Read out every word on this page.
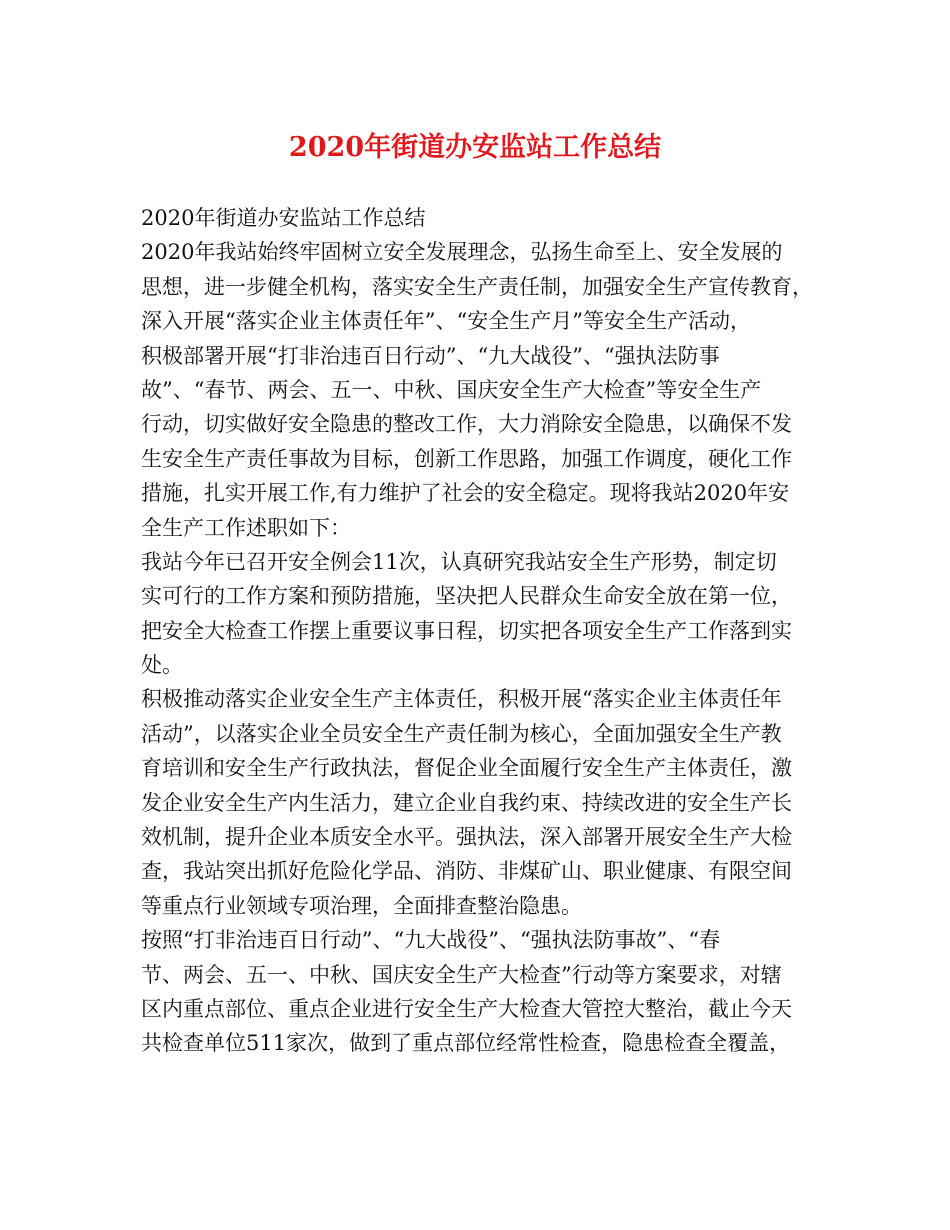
2020年街道办安监站工作总结
2020年街道办安监站工作总结
2020年我站始终牢固树立安全发展理念，弘扬生命至上、安全发展的
思想，进一步健全机构，落实安全生产责任制，加强安全生产宣传教育，
深入开展“落实企业主体责任年”、“安全生产月”等安全生产活动，
积极部署开展“打非治违百日行动”、“九大战役”、“强执法防事
故”、“春节、两会、五一、中秋、国庆安全生产大检查”等安全生产
行动，切实做好安全隐患的整改工作，大力消除安全隐患，以确保不发
生安全生产责任事故为目标，创新工作思路，加强工作调度，硬化工作
措施，扎实开展工作,有力维护了社会的安全稳定。现将我站2020年安
全生产工作述职如下：
我站今年已召开安全例会11次，认真研究我站安全生产形势，制定切
实可行的工作方案和预防措施，坚决把人民群众生命安全放在第一位，
把安全大检查工作摆上重要议事日程，切实把各项安全生产工作落到实
处。
积极推动落实企业安全生产主体责任，积极开展“落实企业主体责任年
活动”，以落实企业全员安全生产责任制为核心，全面加强安全生产教
育培训和安全生产行政执法，督促企业全面履行安全生产主体责任，激
发企业安全生产内生活力，建立企业自我约束、持续改进的安全生产长
效机制，提升企业本质安全水平。强执法，深入部署开展安全生产大检
查，我站突出抓好危险化学品、消防、非煤矿山、职业健康、有限空间
等重点行业领域专项治理，全面排查整治隐患。
按照“打非治违百日行动”、“九大战役”、“强执法防事故”、“春
节、两会、五一、中秋、国庆安全生产大检查”行动等方案要求，对辖
区内重点部位、重点企业进行安全生产大检查大管控大整治，截止今天
共检查单位511家次，做到了重点部位经常性检查，隐患检查全覆盖，
